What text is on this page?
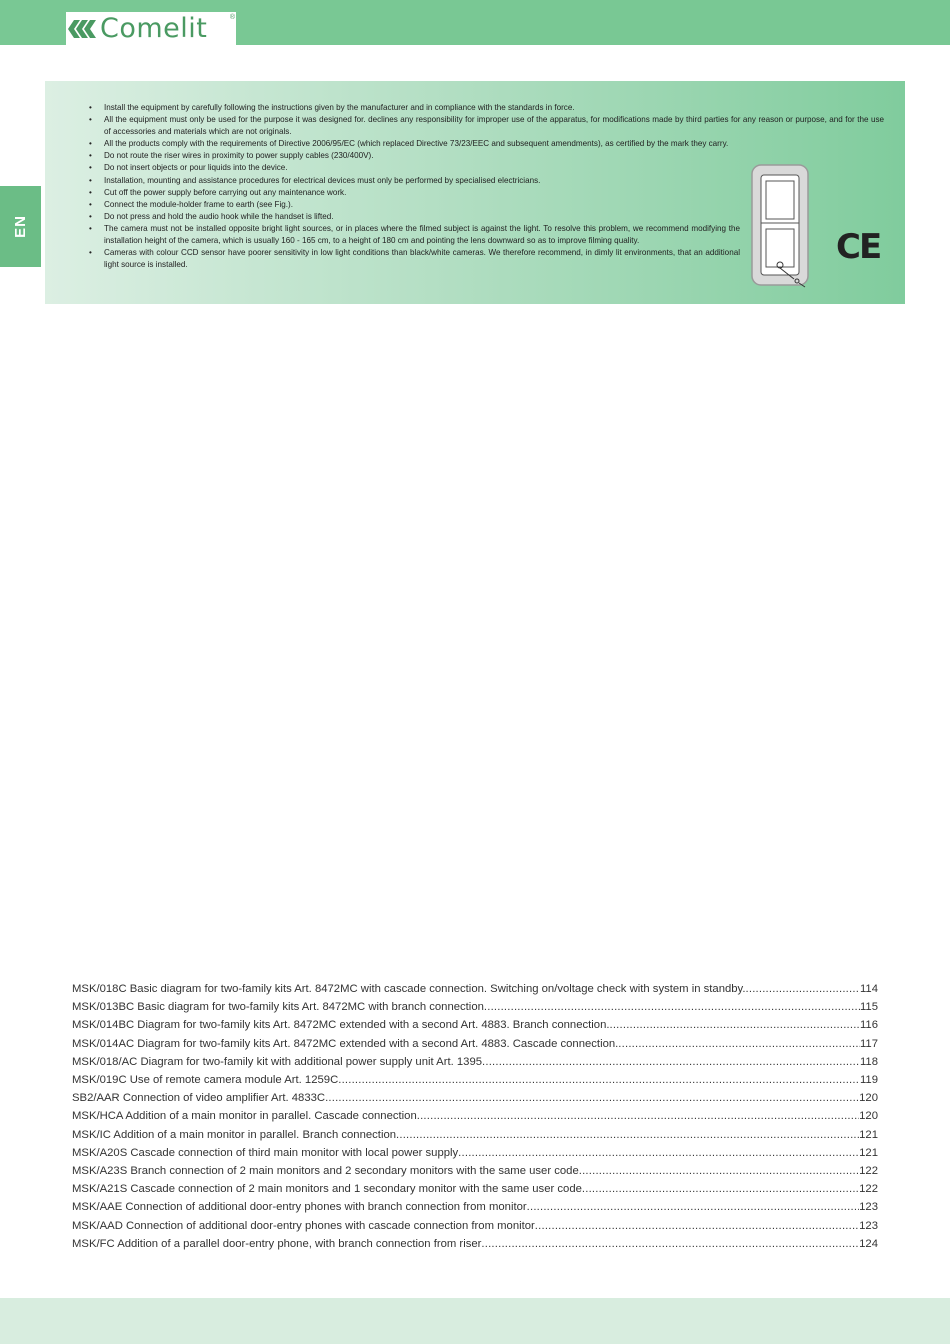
Comelit	®
EN
• Install the equipment by carefully following the instructions given by the manufacturer and in compliance with the standards in force.
• All the equipment must only be used for the purpose it was designed for. declines any responsibility for improper use of the apparatus, for modifications made by third parties for any reason or purpose, and for the use of accessories and materials which are not originals.
• All the products comply with the requirements of Directive 2006/95/EC (which replaced Directive 73/23/EEC and subsequent amendments), as certified by the mark they carry.
• Do not route the riser wires in proximity to power supply cables (230/400V).
• Do not insert objects or pour liquids into the device.
• Installation, mounting and assistance procedures for electrical devices must only be performed by specialised electricians.
• Cut off the power supply before carrying out any maintenance work.
• Connect the module-holder frame to earth (see Fig.).
• Do not press and hold the audio hook while the handset is lifted.
• The camera must not be installed opposite bright light sources, or in places where the filmed subject is against the light. To resolve this problem, we recommend modifying the installation height of the camera, which is usually 160 - 165 cm, to a height of 180 cm and pointing the lens downward so as to improve filming quality.
• Cameras with colour CCD sensor have poorer sensitivity in low light conditions than black/white cameras. We therefore recommend, in dimly lit environments, that an additional light source is installed.	CE
MSK/018C Basic diagram for two-family kits Art. 8472MC with cascade connection. Switching on/voltage check with system in standby. .....	114
MSK/013BC Basic diagram for two-family kits Art. 8472MC with branch connection .....	115
MSK/014BC Diagram for two-family kits Art. 8472MC extended with a second Art. 4883. Branch connection. .....	116
MSK/014AC Diagram for two-family kits Art. 8472MC extended with a second Art. 4883. Cascade connection. .....	117
MSK/018/AC Diagram for two-family kit with additional power supply unit Art. 1395 .....	118
MSK/019C Use of remote camera module Art. 1259C .....	119
SB2/AAR Connection of video amplifier Art. 4833C .....	120
MSK/HCA Addition of a main monitor in parallel. Cascade connection .....	120
MSK/IC Addition of a main monitor in parallel. Branch connection .....	121
MSK/A20S Cascade connection of third main monitor with local power supply .....	121
MSK/A23S Branch connection of 2 main monitors and 2 secondary monitors with the same user code .....	122
MSK/A21S Cascade connection of 2 main monitors and 1 secondary monitor with the same user code .....	122
MSK/AAE Connection of additional door-entry phones with branch connection from monitor .....	123
MSK/AAD Connection of additional door-entry phones with cascade connection from monitor .....	123
MSK/FC Addition of a parallel door-entry phone, with branch connection from riser .....	124
